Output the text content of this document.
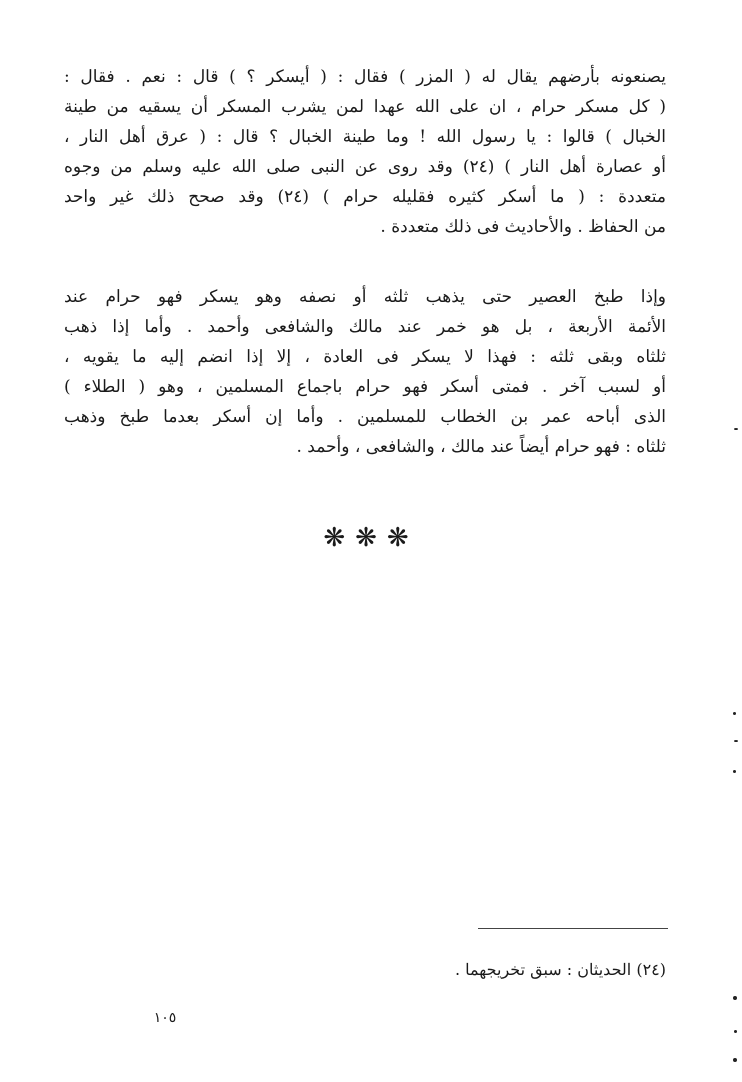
يصنعونه بأرضهم يقال له ( المزر ) فقال : ( أيسكر ؟ ) قال : نعم . فقال :
( كل مسكر حرام ، ان على الله عهدا لمن يشرب المسكر أن يسقيه من طينة
الخبال ) قالوا : يا رسول الله ! وما طينة الخبال ؟ قال : ( عرق أهل النار ،
أو عصارة أهل النار ) (٢٤) وقد روى عن النبى صلى الله عليه وسلم من وجوه
متعددة : ( ما أسكر كثيره فقليله حرام ) (٢٤) وقد صحح ذلك غير واحد
من الحفاظ . والأحاديث فى ذلك متعددة .
وإذا طبخ العصير حتى يذهب ثلثه أو نصفه وهو يسكر فهو حرام عند
الأئمة الأربعة ، بل هو خمر عند مالك والشافعى وأحمد . وأما إذا ذهب
ثلثاه وبقى ثلثه : فهذا لا يسكر فى العادة ، إلا إذا انضم إليه ما يقويه ،
أو لسبب آخر . فمتى أسكر فهو حرام باجماع المسلمين ، وهو ( الطلاء )
الذى أباحه عمر بن الخطاب للمسلمين . وأما إن أسكر بعدما طبخ وذهب
ثلثاه : فهو حرام أيضاً عند مالك ، والشافعى ، وأحمد .
❋❋❋
(٢٤) الحديثان : سبق تخريجهما .
١٠٥
